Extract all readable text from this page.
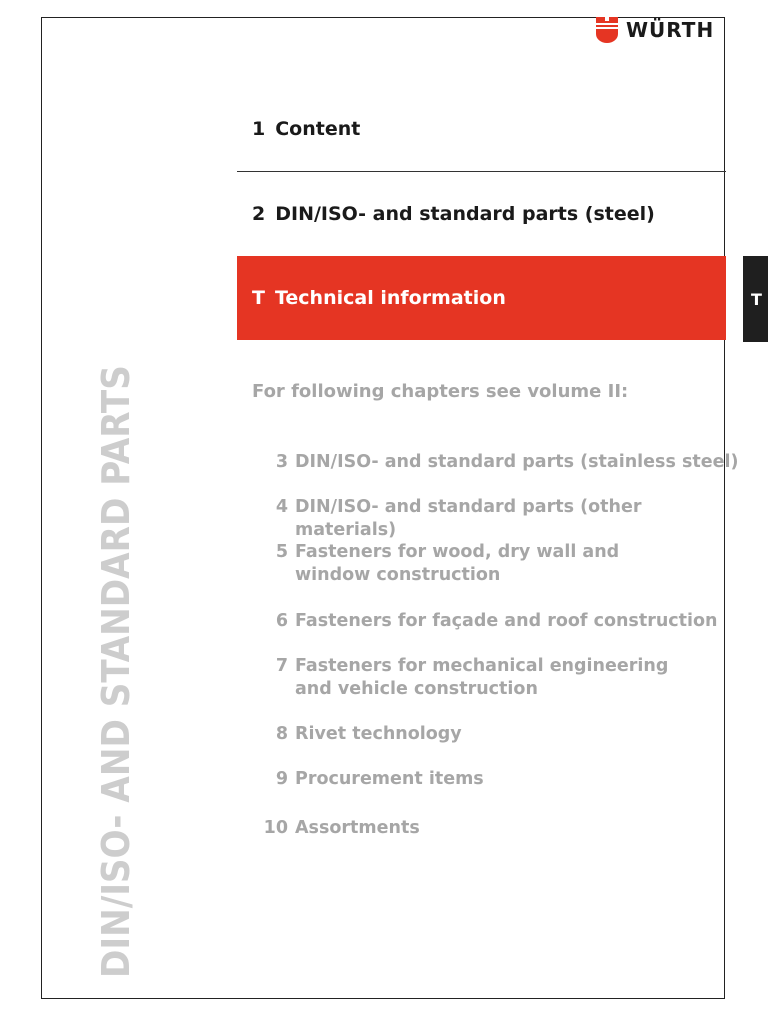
WÜRTH
DIN/ISO- AND STANDARD PARTS
1 Content
2 DIN/ISO- and standard parts (steel)
T Technical information	T
For following chapters see volume II:
3 DIN/ISO- and standard parts (stainless steel)
4 DIN/ISO- and standard parts (other materials)
5 Fasteners for wood, dry wall and window construction
6 Fasteners for façade and roof construction
7 Fasteners for mechanical engineering and vehicle construction
8 Rivet technology
9 Procurement items
10 Assortments
